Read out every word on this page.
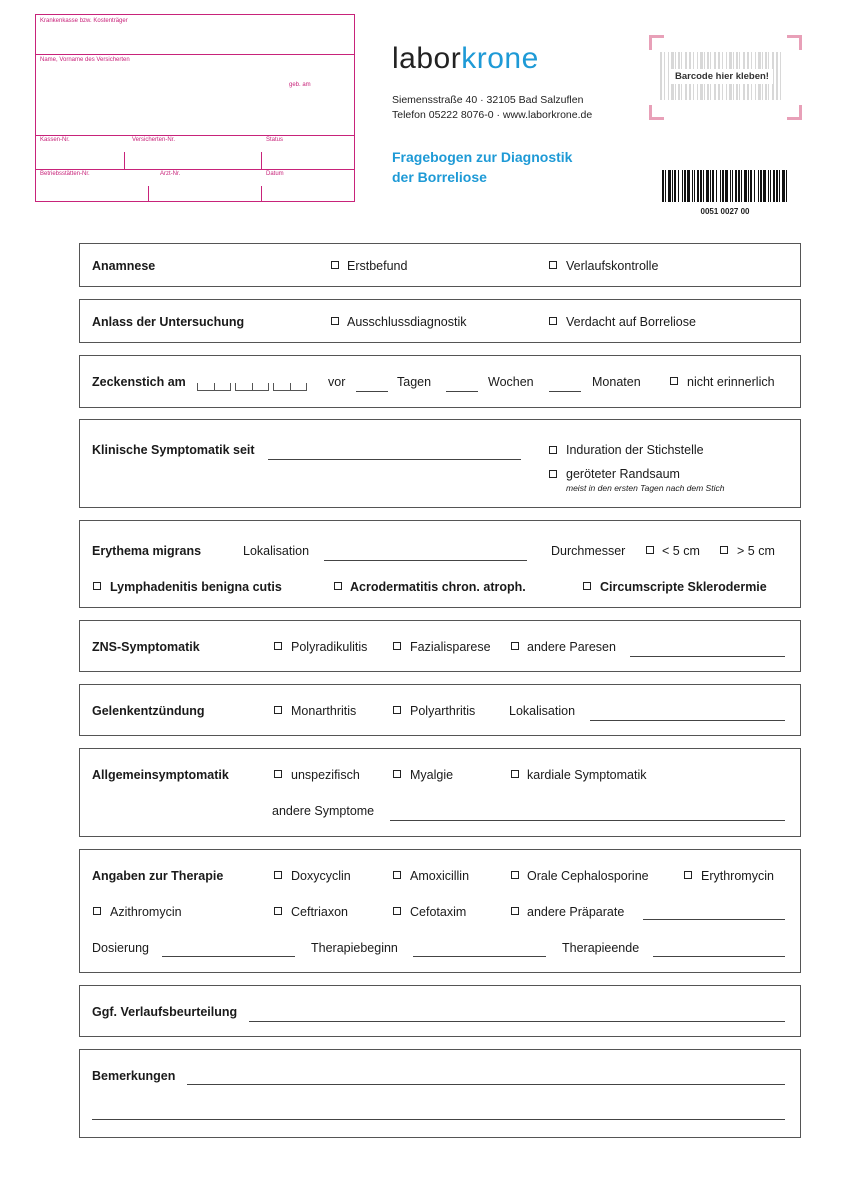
Krankenkasse bzw. Kostenträger
Name, Vorname des Versicherten
geb. am
Kassen-Nr.	Versicherten-Nr.	Status
Betriebsstätten-Nr.	Arzt-Nr.	Datum
laborkrone
Siemensstraße 40 · 32105 Bad Salzuflen
Telefon 05222 8076-0 · www.laborkrone.de
Fragebogen zur Diagnostik
der Borreliose
Barcode hier kleben!
0051 0027 00
Anamnese	Erstbefund	Verlaufskontrolle
Anlass der Untersuchung	Ausschlussdiagnostik	Verdacht auf Borreliose
Zeckenstich am	vor	Tagen	Wochen	Monaten	nicht erinnerlich
Klinische Symptomatik seit	Induration der Stichstelle
geröteter Randsaum
meist in den ersten Tagen nach dem Stich
Erythema migrans	Lokalisation	Durchmesser	< 5 cm	> 5 cm
Lymphadenitis benigna cutis	Acrodermatitis chron. atroph.	Circumscripte Sklerodermie
ZNS-Symptomatik	Polyradikulitis	Fazialisparese	andere Paresen
Gelenkentzündung	Monarthritis	Polyarthritis	Lokalisation
Allgemeinsymptomatik	unspezifisch	Myalgie	kardiale Symptomatik
andere Symptome
Angaben zur Therapie	Doxycyclin	Amoxicillin	Orale Cephalosporine	Erythromycin
Azithromycin	Ceftriaxon	Cefotaxim	andere Präparate
Dosierung	Therapiebeginn	Therapieende
Ggf. Verlaufsbeurteilung
Bemerkungen
